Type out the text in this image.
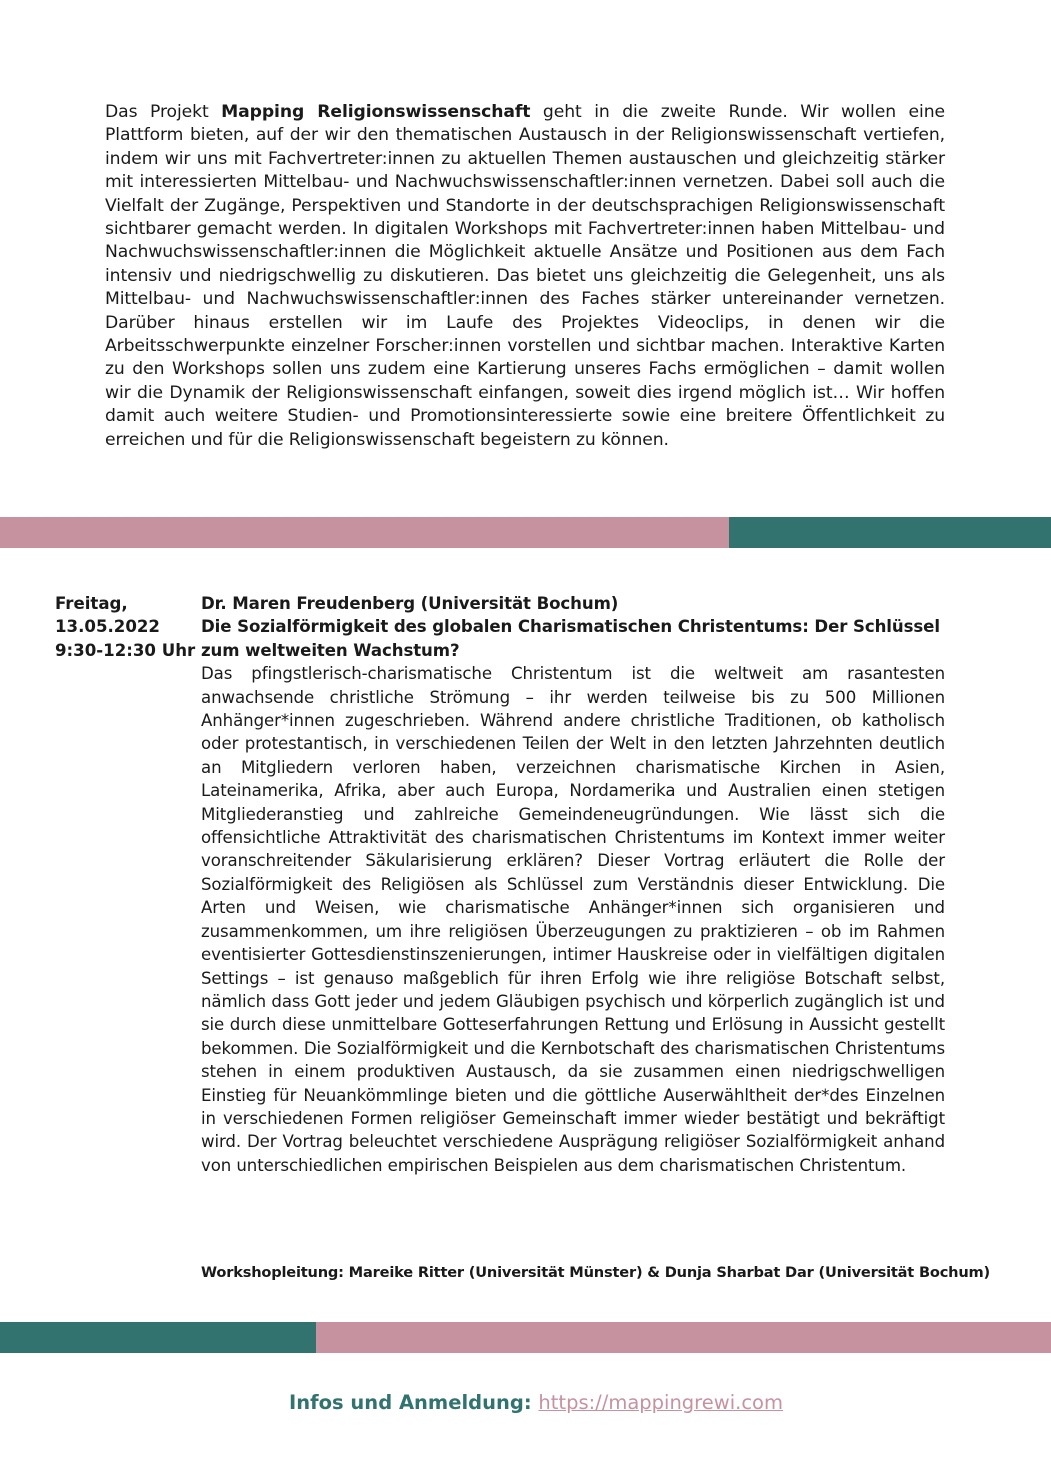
Das Projekt Mapping Religionswissenschaft geht in die zweite Runde. Wir wollen eine Plattform bieten, auf der wir den thematischen Austausch in der Religionswissenschaft vertiefen, indem wir uns mit Fachvertreter:innen zu aktuellen Themen austauschen und gleichzeitig stärker mit interessierten Mittelbau- und Nachwuchswissenschaftler:innen vernetzen. Dabei soll auch die Vielfalt der Zugänge, Perspektiven und Standorte in der deutschsprachigen Religionswissenschaft sichtbarer gemacht werden. In digitalen Workshops mit Fachvertreter:innen haben Mittelbau- und Nachwuchswissenschaftler:innen die Möglichkeit aktuelle Ansätze und Positionen aus dem Fach intensiv und niedrigschwellig zu diskutieren. Das bietet uns gleichzeitig die Gelegenheit, uns als Mittelbau- und Nachwuchswissenschaftler:innen des Faches stärker untereinander vernetzen. Darüber hinaus erstellen wir im Laufe des Projektes Videoclips, in denen wir die Arbeitsschwerpunkte einzelner Forscher:innen vorstellen und sichtbar machen. Interaktive Karten zu den Workshops sollen uns zudem eine Kartierung unseres Fachs ermöglichen – damit wollen wir die Dynamik der Religionswissenschaft einfangen, soweit dies irgend möglich ist… Wir hoffen damit auch weitere Studien- und Promotionsinteressierte sowie eine breitere Öffentlichkeit zu erreichen und für die Religionswissenschaft begeistern zu können.
Freitag,
13.05.2022
9:30-12:30 Uhr
Dr. Maren Freudenberg (Universität Bochum)
Die Sozialförmigkeit des globalen Charismatischen Christentums: Der Schlüssel zum weltweiten Wachstum?

Das pfingstlerisch-charismatische Christentum ist die weltweit am rasantesten anwachsende christliche Strömung – ihr werden teilweise bis zu 500 Millionen Anhänger*innen zugeschrieben. Während andere christliche Traditionen, ob katholisch oder protestantisch, in verschiedenen Teilen der Welt in den letzten Jahrzehnten deutlich an Mitgliedern verloren haben, verzeichnen charismatische Kirchen in Asien, Lateinamerika, Afrika, aber auch Europa, Nordamerika und Australien einen stetigen Mitgliederanstieg und zahlreiche Gemeindeneugründungen. Wie lässt sich die offensichtliche Attraktivität des charismatischen Christentums im Kontext immer weiter voranschreitender Säkularisierung erklären? Dieser Vortrag erläutert die Rolle der Sozialförmigkeit des Religiösen als Schlüssel zum Verständnis dieser Entwicklung. Die Arten und Weisen, wie charismatische Anhänger*innen sich organisieren und zusammenkommen, um ihre religiösen Überzeugungen zu praktizieren – ob im Rahmen eventisierter Gottesdienstinszenierungen, intimer Hauskreise oder in vielfältigen digitalen Settings – ist genauso maßgeblich für ihren Erfolg wie ihre religiöse Botschaft selbst, nämlich dass Gott jeder und jedem Gläubigen psychisch und körperlich zugänglich ist und sie durch diese unmittelbare Gotteserfahrungen Rettung und Erlösung in Aussicht gestellt bekommen. Die Sozialförmigkeit und die Kernbotschaft des charismatischen Christentums stehen in einem produktiven Austausch, da sie zusammen einen niedrigschwelligen Einstieg für Neuankömmlinge bieten und die göttliche Auserwähltheit der*des Einzelnen in verschiedenen Formen religiöser Gemeinschaft immer wieder bestätigt und bekräftigt wird. Der Vortrag beleuchtet verschiedene Ausprägung religiöser Sozialförmigkeit anhand von unterschiedlichen empirischen Beispielen aus dem charismatischen Christentum.

Workshopleitung: Mareike Ritter (Universität Münster) & Dunja Sharbat Dar (Universität Bochum)
Infos und Anmeldung: https://mappingrewi.com
